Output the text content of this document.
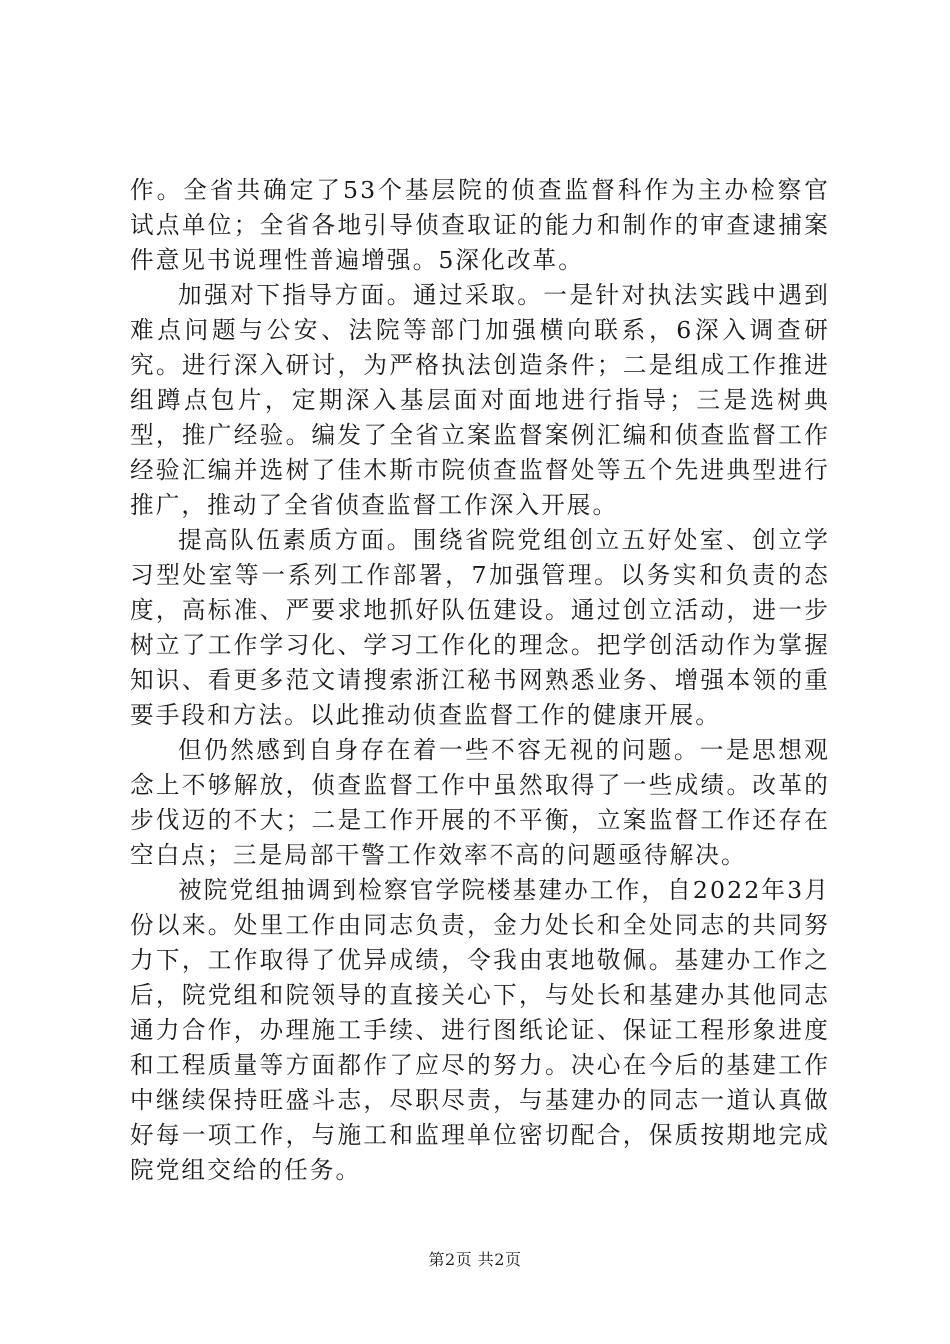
作。全省共确定了53个基层院的侦查监督科作为主办检察官试点单位；全省各地引导侦查取证的能力和制作的审查逮捕案件意见书说理性普遍增强。5深化改革。

加强对下指导方面。通过采取。一是针对执法实践中遇到难点问题与公安、法院等部门加强横向联系，6深入调查研究。进行深入研讨，为严格执法创造条件；二是组成工作推进组蹲点包片，定期深入基层面对面地进行指导；三是选树典型，推广经验。编发了全省立案监督案例汇编和侦查监督工作经验汇编并选树了佳木斯市院侦查监督处等五个先进典型进行推广，推动了全省侦查监督工作深入开展。

提高队伍素质方面。围绕省院党组创立五好处室、创立学习型处室等一系列工作部署，7加强管理。以务实和负责的态度，高标准、严要求地抓好队伍建设。通过创立活动，进一步树立了工作学习化、学习工作化的理念。把学创活动作为掌握知识、看更多范文请搜索浙江秘书网熟悉业务、增强本领的重要手段和方法。以此推动侦查监督工作的健康开展。

但仍然感到自身存在着一些不容无视的问题。一是思想观念上不够解放，侦查监督工作中虽然取得了一些成绩。改革的步伐迈的不大；二是工作开展的不平衡，立案监督工作还存在空白点；三是局部干警工作效率不高的问题亟待解决。

被院党组抽调到检察官学院楼基建办工作，自2022年3月份以来。处里工作由同志负责，金力处长和全处同志的共同努力下，工作取得了优异成绩，令我由衷地敬佩。基建办工作之后，院党组和院领导的直接关心下，与处长和基建办其他同志通力合作，办理施工手续、进行图纸论证、保证工程形象进度和工程质量等方面都作了应尽的努力。决心在今后的基建工作中继续保持旺盛斗志，尽职尽责，与基建办的同志一道认真做好每一项工作，与施工和监理单位密切配合，保质按期地完成院党组交给的任务。

第2页 共2页
